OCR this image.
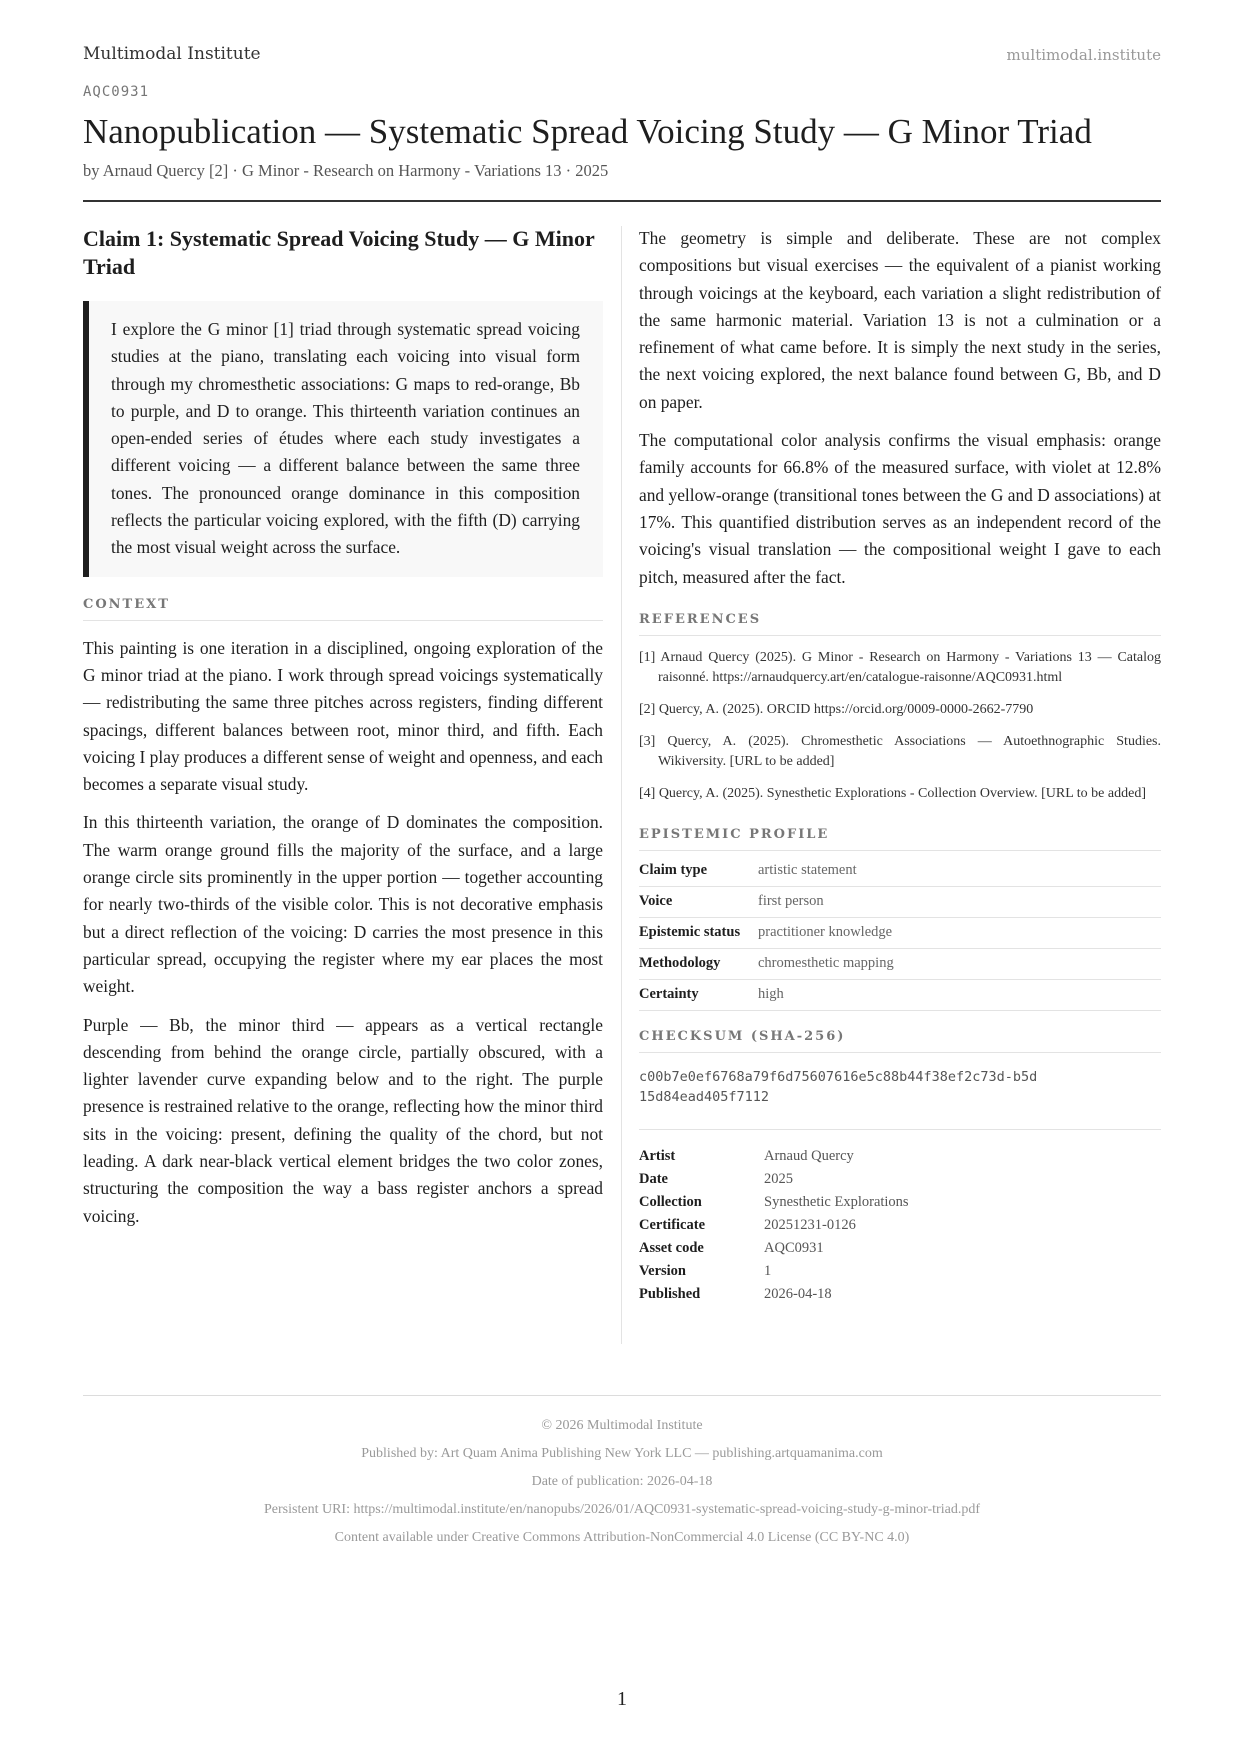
Multimodal Institute	multimodal.institute
AQC0931
Nanopublication — Systematic Spread Voicing Study — G Minor Triad
by Arnaud Quercy [2] · G Minor - Research on Harmony - Variations 13 · 2025
Claim 1: Systematic Spread Voicing Study — G Minor Triad
I explore the G minor [1] triad through systematic spread voicing studies at the piano, translating each voicing into visual form through my chromesthetic associations: G maps to red-orange, Bb to purple, and D to orange. This thirteenth variation continues an open-ended series of études where each study investigates a different voicing — a different balance between the same three tones. The pronounced orange dominance in this composition reflects the particular voicing explored, with the fifth (D) carrying the most visual weight across the surface.
CONTEXT

This painting is one iteration in a disciplined, ongoing exploration of the G minor triad at the piano. I work through spread voicings systematically — redistributing the same three pitches across registers, finding different spacings, different balances between root, minor third, and fifth. Each voicing I play produces a different sense of weight and openness, and each becomes a separate visual study.

In this thirteenth variation, the orange of D dominates the composition. The warm orange ground fills the majority of the surface, and a large orange circle sits prominently in the upper portion — together accounting for nearly two-thirds of the visible color. This is not decorative emphasis but a direct reflection of the voicing: D carries the most presence in this particular spread, occupying the register where my ear places the most weight.

Purple — Bb, the minor third — appears as a vertical rectangle descending from behind the orange circle, partially obscured, with a lighter lavender curve expanding below and to the right. The purple presence is restrained relative to the orange, reflecting how the minor third sits in the voicing: present, defining the quality of the chord, but not leading. A dark near-black vertical element bridges the two color zones, structuring the composition the way a bass register anchors a spread voicing.

The geometry is simple and deliberate. These are not complex compositions but visual exercises — the equivalent of a pianist working through voicings at the keyboard, each variation a slight redistribution of the same harmonic material. Variation 13 is not a culmination or a refinement of what came before. It is simply the next study in the series, the next voicing explored, the next balance found between G, Bb, and D on paper.

The computational color analysis confirms the visual emphasis: orange family accounts for 66.8% of the measured surface, with violet at 12.8% and yellow-orange (transitional tones between the G and D associations) at 17%. This quantified distribution serves as an independent record of the voicing's visual translation — the compositional weight I gave to each pitch, measured after the fact.

REFERENCES
[1] Arnaud Quercy (2025). G Minor - Research on Harmony - Variations 13 — Catalog raisonné. https://arnaudquercy.art/en/catalogue-raisonne/AQC0931.html
[2] Quercy, A. (2025). ORCID https://orcid.org/0009-0000-2662-7790
[3] Quercy, A. (2025). Chromesthetic Associations — Autoethnographic Studies. Wikiversity. [URL to be added]
[4] Quercy, A. (2025). Synesthetic Explorations - Collection Overview. [URL to be added]
EPISTEMIC PROFILE
Claim type	artistic statement
Voice	first person
Epistemic status	practitioner knowledge
Methodology	chromesthetic mapping
Certainty	high
CHECKSUM (SHA-256)
c00b7e0ef6768a79f6d75607616e5c88b44f38ef2c73d-b5d15d84ead405f7112
Artist	Arnaud Quercy
Date	2025
Collection	Synesthetic Explorations
Certificate	20251231-0126
Asset code	AQC0931
Version	1
Published	2026-04-18
© 2026 Multimodal Institute
Published by: Art Quam Anima Publishing New York LLC — publishing.artquamanima.com
Date of publication: 2026-04-18
Persistent URI: https://multimodal.institute/en/nanopubs/2026/01/AQC0931-systematic-spread-voicing-study-g-minor-triad.pdf
Content available under Creative Commons Attribution-NonCommercial 4.0 License (CC BY-NC 4.0)
1
